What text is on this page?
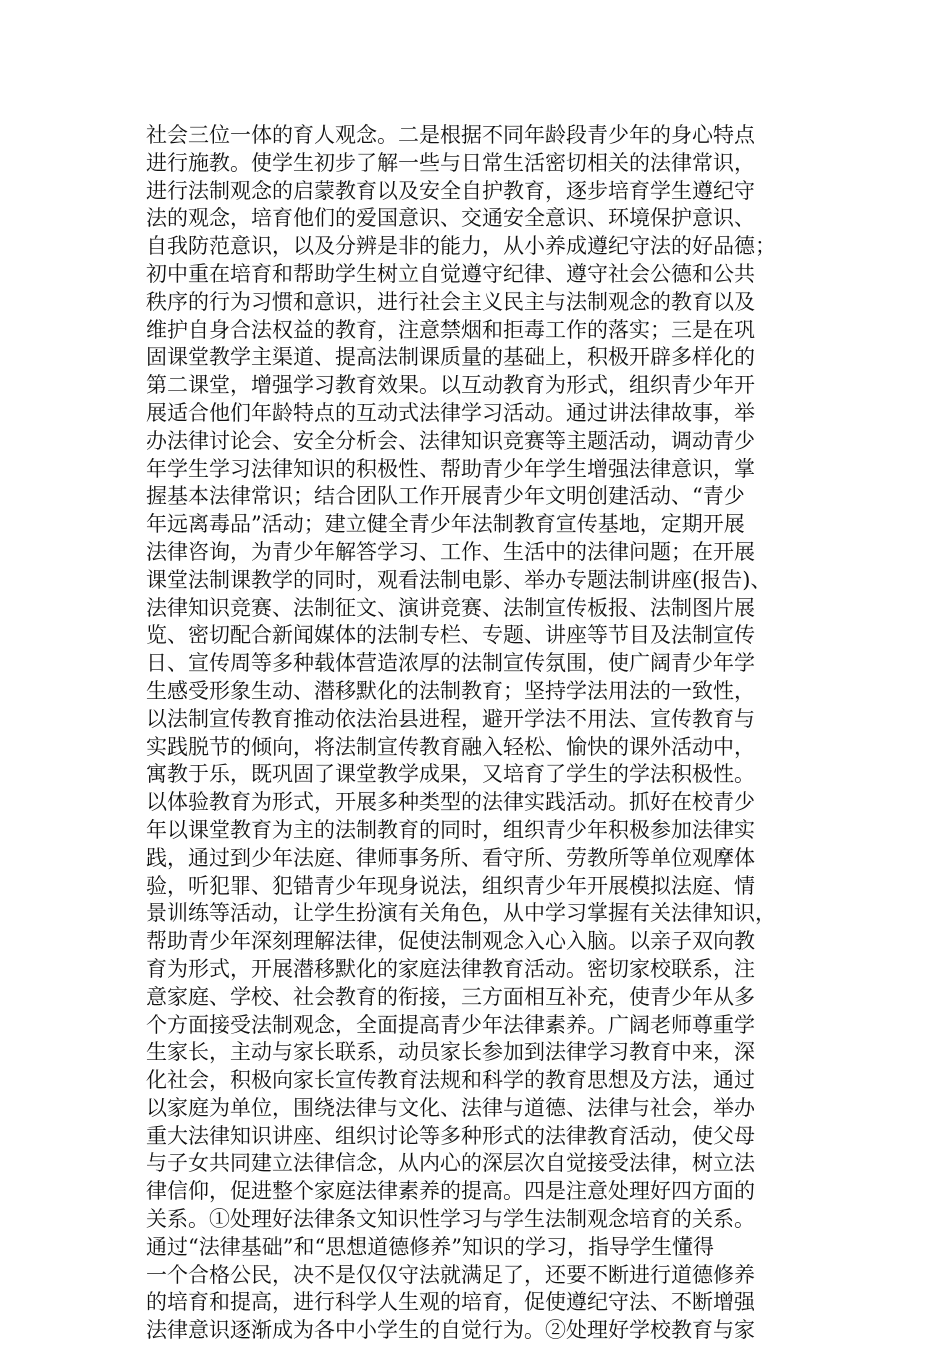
社会三位一体的育人观念。二是根据不同年龄段青少年的身心特点
进行施教。使学生初步了解一些与日常生活密切相关的法律常识，
进行法制观念的启蒙教育以及安全自护教育，逐步培育学生遵纪守
法的观念，培育他们的爱国意识、交通安全意识、环境保护意识、
自我防范意识，以及分辨是非的能力，从小养成遵纪守法的好品德；
初中重在培育和帮助学生树立自觉遵守纪律、遵守社会公德和公共
秩序的行为习惯和意识，进行社会主义民主与法制观念的教育以及
维护自身合法权益的教育，注意禁烟和拒毒工作的落实；三是在巩
固课堂教学主渠道、提高法制课质量的基础上，积极开辟多样化的
第二课堂，增强学习教育效果。以互动教育为形式，组织青少年开
展适合他们年龄特点的互动式法律学习活动。通过讲法律故事，举
办法律讨论会、安全分析会、法律知识竞赛等主题活动，调动青少
年学生学习法律知识的积极性、帮助青少年学生增强法律意识，掌
握基本法律常识；结合团队工作开展青少年文明创建活动、“青少
年远离毒品”活动；建立健全青少年法制教育宣传基地，定期开展
法律咨询，为青少年解答学习、工作、生活中的法律问题；在开展
课堂法制课教学的同时，观看法制电影、举办专题法制讲座(报告)、
法律知识竞赛、法制征文、演讲竞赛、法制宣传板报、法制图片展
览、密切配合新闻媒体的法制专栏、专题、讲座等节目及法制宣传
日、宣传周等多种载体营造浓厚的法制宣传氛围，使广阔青少年学
生感受形象生动、潜移默化的法制教育；坚持学法用法的一致性，
以法制宣传教育推动依法治县进程，避开学法不用法、宣传教育与
实践脱节的倾向，将法制宣传教育融入轻松、愉快的课外活动中，
寓教于乐，既巩固了课堂教学成果，又培育了学生的学法积极性。
以体验教育为形式，开展多种类型的法律实践活动。抓好在校青少
年以课堂教育为主的法制教育的同时，组织青少年积极参加法律实
践，通过到少年法庭、律师事务所、看守所、劳教所等单位观摩体
验，听犯罪、犯错青少年现身说法，组织青少年开展模拟法庭、情
景训练等活动，让学生扮演有关角色，从中学习掌握有关法律知识，
帮助青少年深刻理解法律，促使法制观念入心入脑。以亲子双向教
育为形式，开展潜移默化的家庭法律教育活动。密切家校联系，注
意家庭、学校、社会教育的衔接，三方面相互补充，使青少年从多
个方面接受法制观念，全面提高青少年法律素养。广阔老师尊重学
生家长，主动与家长联系，动员家长参加到法律学习教育中来，深
化社会，积极向家长宣传教育法规和科学的教育思想及方法，通过
以家庭为单位，围绕法律与文化、法律与道德、法律与社会，举办
重大法律知识讲座、组织讨论等多种形式的法律教育活动，使父母
与子女共同建立法律信念，从内心的深层次自觉接受法律，树立法
律信仰，促进整个家庭法律素养的提高。四是注意处理好四方面的
关系。①处理好法律条文知识性学习与学生法制观念培育的关系。
通过“法律基础”和“思想道德修养”知识的学习，指导学生懂得
一个合格公民，决不是仅仅守法就满足了，还要不断进行道德修养
的培育和提高，进行科学人生观的培育，促使遵纪守法、不断增强
法律意识逐渐成为各中小学生的自觉行为。②处理好学校教育与家
